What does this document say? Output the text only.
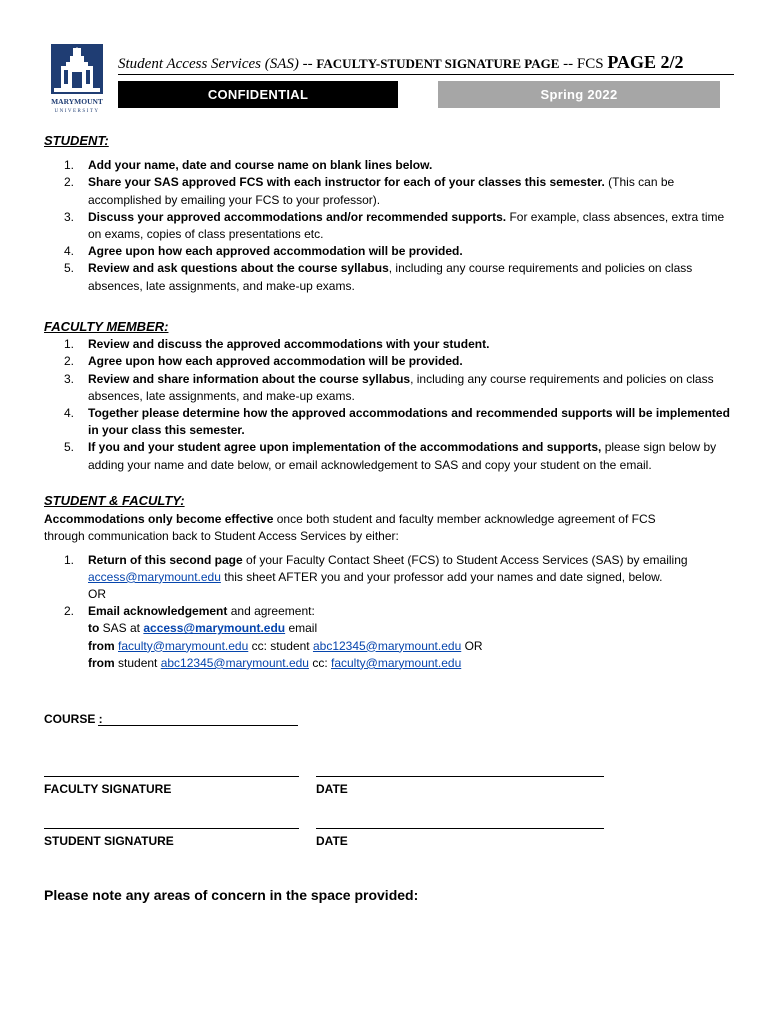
MARYMOUNT
UNIVERSITY
Student Access Services (SAS) -- FACULTY-STUDENT SIGNATURE PAGE -- FCS PAGE 2/2
CONFIDENTIAL	Spring 2022
STUDENT:
1. Add your name, date and course name on blank lines below.
2. Share your SAS approved FCS with each instructor for each of your classes this semester. (This can be accomplished by emailing your FCS to your professor).
3. Discuss your approved accommodations and/or recommended supports. For example, class absences, extra time on exams, copies of class presentations etc.
4. Agree upon how each approved accommodation will be provided.
5. Review and ask questions about the course syllabus, including any course requirements and policies on class absences, late assignments, and make-up exams.
FACULTY MEMBER:
1. Review and discuss the approved accommodations with your student.
2. Agree upon how each approved accommodation will be provided.
3. Review and share information about the course syllabus, including any course requirements and policies on class absences, late assignments, and make-up exams.
4. Together please determine how the approved accommodations and recommended supports will be implemented in your class this semester.
5. If you and your student agree upon implementation of the accommodations and supports, please sign below by adding your name and date below, or email acknowledgement to SAS and copy your student on the email.
STUDENT & FACULTY:
Accommodations only become effective once both student and faculty member acknowledge agreement of FCS through communication back to Student Access Services by either:
1. Return of this second page of your Faculty Contact Sheet (FCS) to Student Access Services (SAS) by emailing access@marymount.edu this sheet AFTER you and your professor add your names and date signed, below.
OR
2. Email acknowledgement and agreement:
to SAS at access@marymount.edu email
from faculty@marymount.edu cc: student abc12345@marymount.edu OR
from student abc12345@marymount.edu cc: faculty@marymount.edu
COURSE :
FACULTY SIGNATURE	DATE
STUDENT SIGNATURE	DATE
Please note any areas of concern in the space provided:
